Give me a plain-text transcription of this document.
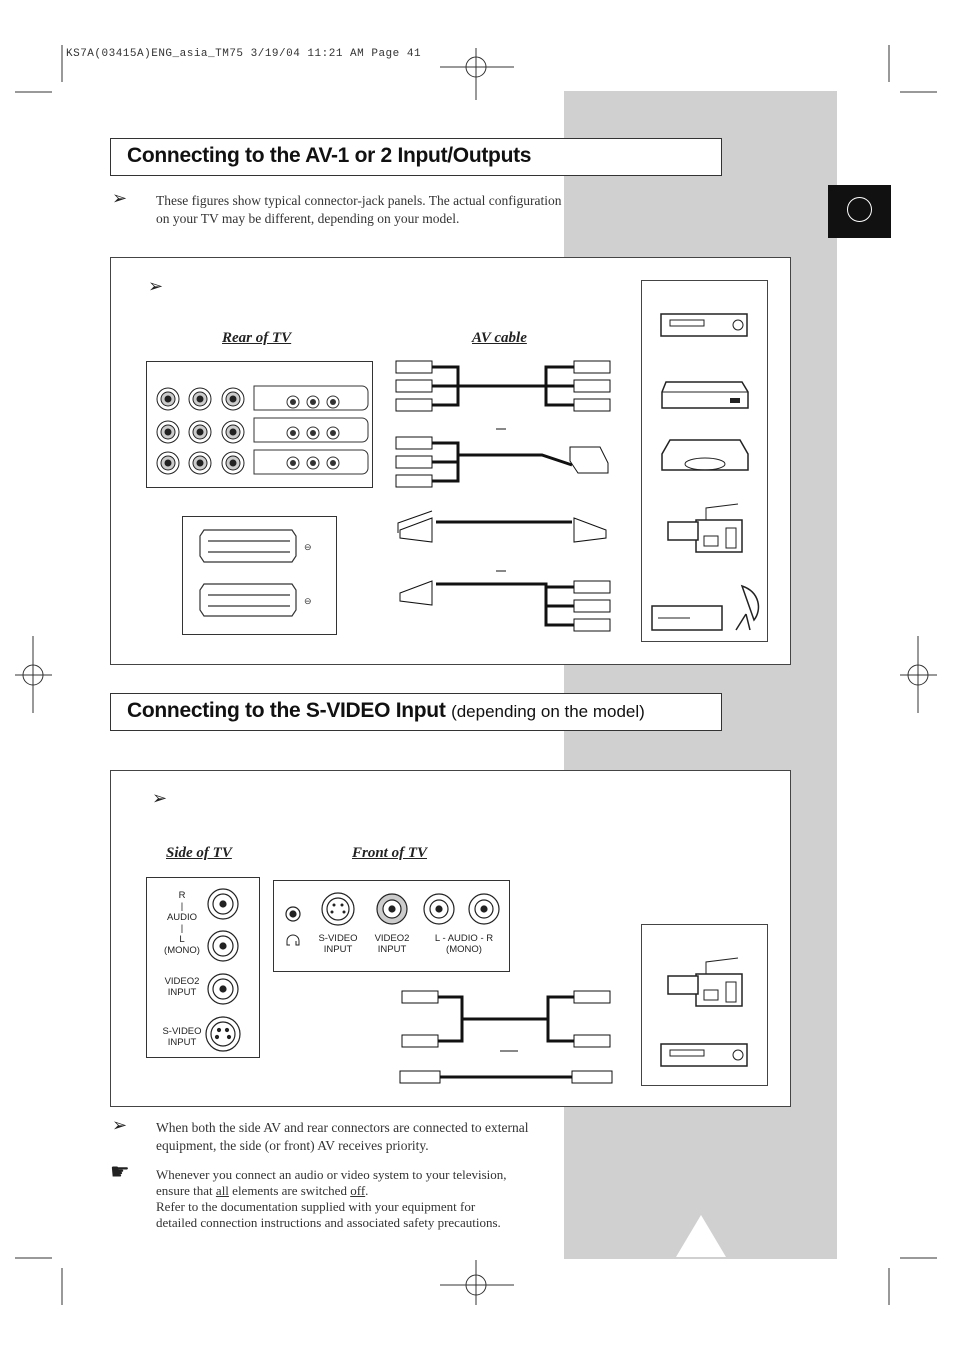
KS7A(03415A)ENG_asia_TM75 3/19/04 11:21 AM Page 41
Connecting to the AV-1 or 2 Input/Outputs
➢ These figures show typical connector-jack panels. The actual configuration on your TV may be different, depending on your model.
➢
Rear of TV	AV cable
⊖
⊖
Connecting to the S-VIDEO Input (depending on the model)
➢
Side of TV	Front of TV
R
|
AUDIO
|
L
(MONO)
VIDEO2
INPUT
S-VIDEO
INPUT
S-VIDEO
INPUT
VIDEO2
INPUT
L - AUDIO - R
(MONO)
➢ When both the side AV and rear connectors are connected to external equipment, the side (or front) AV receives priority.
☛ Whenever you connect an audio or video system to your television,
ensure that all elements are switched off.
Refer to the documentation supplied with your equipment for
detailed connection instructions and associated safety precautions.
